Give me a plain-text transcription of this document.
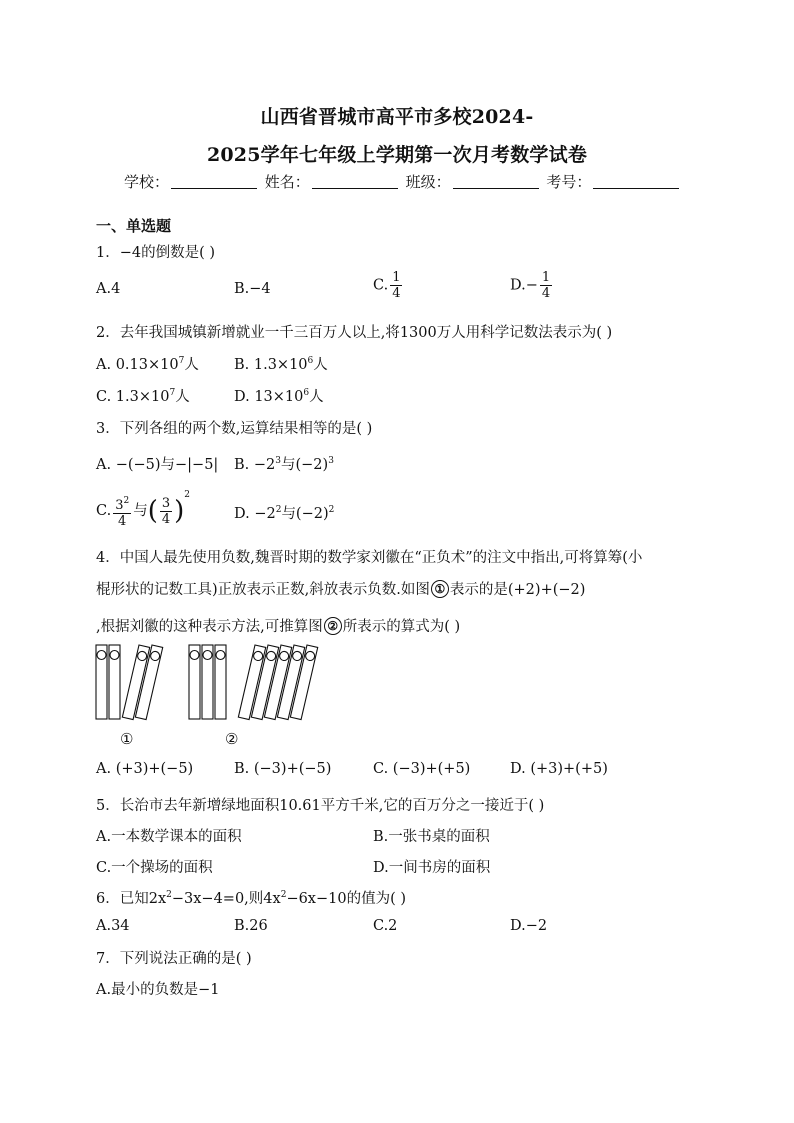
山西省晋城市高平市多校2024-
2025学年七年级上学期第一次月考数学试卷
学校：	姓名：	班级：	考号：
一、单选题
1．−4的倒数是( )
A.4	B.−4	C. $\frac{1}{4}$	$D.- \frac{1}{4}$
2．去年我国城镇新增就业一千三百万人以上,将1300万人用科学记数法表示为( )
A. $0.13\times 10^7$人 B. $1.3\times 10^6$人
C. $1.3\times 10^7$人	D. $13\times 10^6$人
3．下列各组的两个数,运算结果相等的是( )
A. −(−5)与−|−5| B. $-2^3$与$(-2)^3$
C. $\frac{3^2}{4}$ 与( $\frac{3}{4} )^2$
D. $-2^2$与$(-2)^2$
4．中国人最先使用负数,魏晋时期的数学家刘徽在“正负术”的注文中指出,可将算筹(小
棍形状的记数工具)正放表示正数,斜放表示负数.如图 ① 表示的是(+2)+(−2)
,根据刘徽的这种表示方法,可推算图 ② 所表示的算式为( )
①	②
A. (+3)+(−5)	B. (−3)+(−5)	C. (−3)+(+5)	D. (+3)+(+5)
5．长治市去年新增绿地面积10.61平方千米,它的百万分之一接近于( )
A.一本数学课本的面积	B.一张书桌的面积
C.一个操场的面积	D.一间书房的面积
6．已知$2x^2-3x-4=0$,则$4x^2-6x-10$的值为( )
A.34	B.26	C.2	D.−2
7．下列说法正确的是( )
A.最小的负数是−1
